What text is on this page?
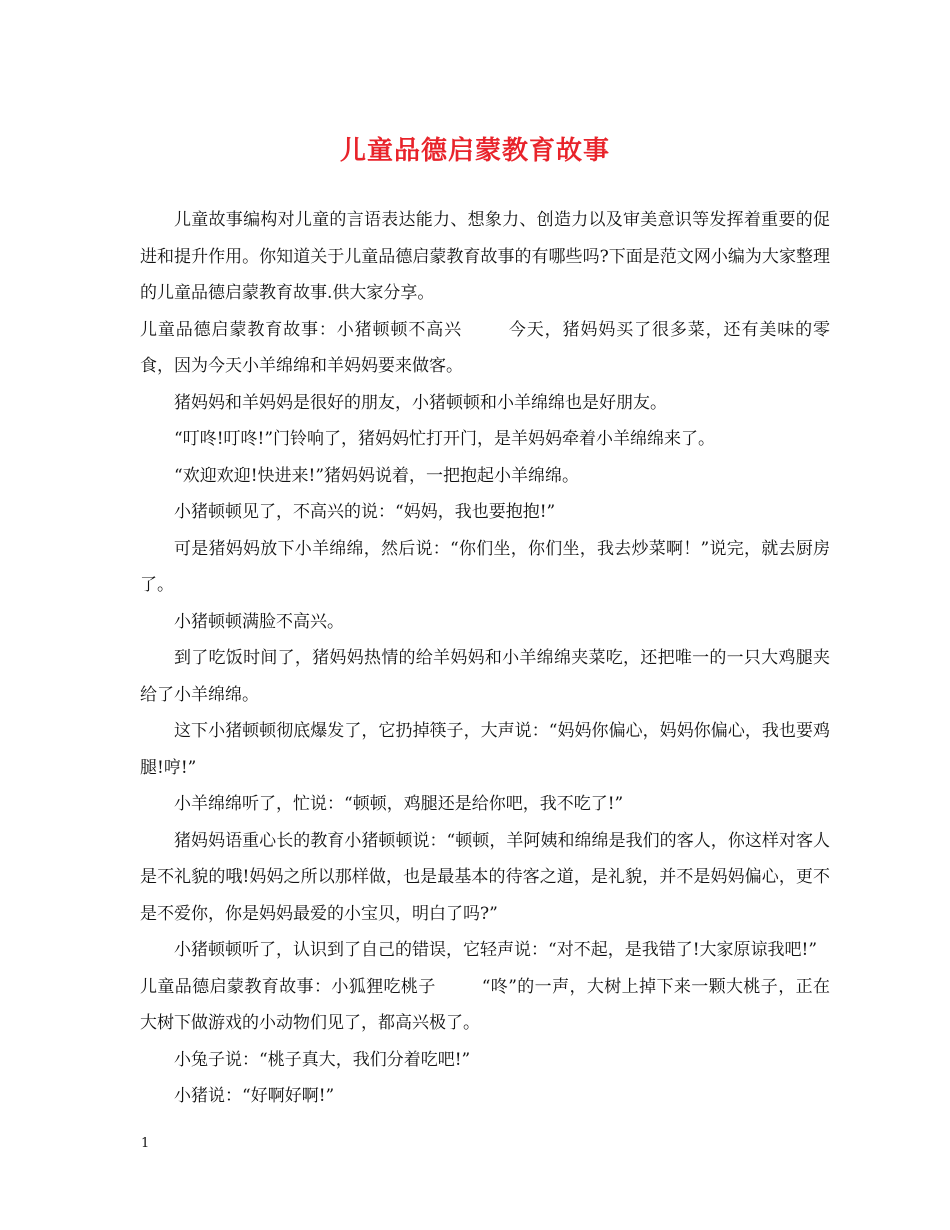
儿童品德启蒙教育故事

儿童故事编构对儿童的言语表达能力、想象力、创造力以及审美意识等发挥着重要的促进和提升作用。你知道关于儿童品德启蒙教育故事的有哪些吗?下面是范文网小编为大家整理的儿童品德启蒙教育故事.供大家分享。

儿童品德启蒙教育故事：小猪顿顿不高兴	今天，猪妈妈买了很多菜，还有美味的零食，因为今天小羊绵绵和羊妈妈要来做客。

猪妈妈和羊妈妈是很好的朋友，小猪顿顿和小羊绵绵也是好朋友。

“叮咚!叮咚!”门铃响了，猪妈妈忙打开门，是羊妈妈牵着小羊绵绵来了。

“欢迎欢迎!快进来!”猪妈妈说着，一把抱起小羊绵绵。

小猪顿顿见了，不高兴的说：“妈妈，我也要抱抱!”

可是猪妈妈放下小羊绵绵，然后说：“你们坐，你们坐，我去炒菜啊！”说完，就去厨房了。

小猪顿顿满脸不高兴。

到了吃饭时间了，猪妈妈热情的给羊妈妈和小羊绵绵夹菜吃，还把唯一的一只大鸡腿夹给了小羊绵绵。

这下小猪顿顿彻底爆发了，它扔掉筷子，大声说：“妈妈你偏心，妈妈你偏心，我也要鸡腿!哼!”

小羊绵绵听了，忙说：“顿顿，鸡腿还是给你吧，我不吃了!”

猪妈妈语重心长的教育小猪顿顿说：“顿顿，羊阿姨和绵绵是我们的客人，你这样对客人是不礼貌的哦!妈妈之所以那样做，也是最基本的待客之道，是礼貌，并不是妈妈偏心，更不是不爱你，你是妈妈最爱的小宝贝，明白了吗?”

小猪顿顿听了，认识到了自己的错误，它轻声说：“对不起，是我错了!大家原谅我吧!”

儿童品德启蒙教育故事：小狐狸吃桃子	“咚”的一声，大树上掉下来一颗大桃子，正在大树下做游戏的小动物们见了，都高兴极了。

小兔子说：“桃子真大，我们分着吃吧!”

小猪说：“好啊好啊!”

1
